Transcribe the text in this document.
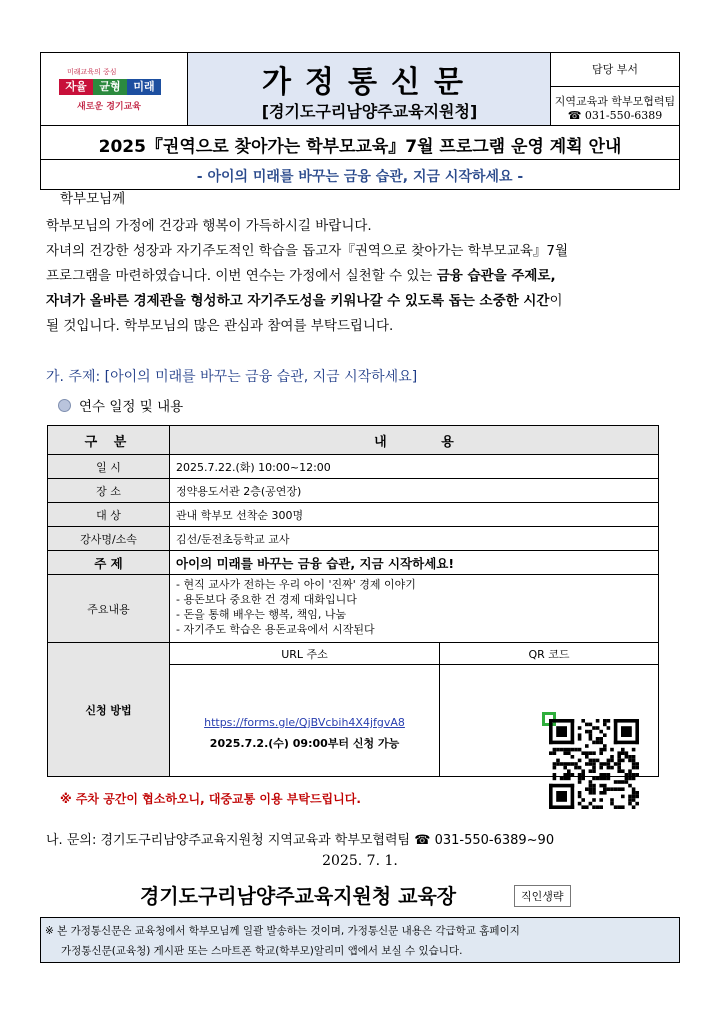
미래교육의 중심
자율	균형	미래
새로운 경기교육
가정통신문
[경기도구리남양주교육지원청]
담당 부서
지역교육과 학부모협력팀
☎ 031-550-6389
2025『권역으로 찾아가는 학부모교육』7월 프로그램 운영 계획 안내
- 아이의 미래를 바꾸는 금융 습관, 지금 시작하세요 -
학부모님께
학부모님의 가정에 건강과 행복이 가득하시길 바랍니다.
자녀의 건강한 성장과 자기주도적인 학습을 돕고자『권역으로 찾아가는 학부모교육』7월
프로그램을 마련하였습니다. 이번 연수는 가정에서 실천할 수 있는 금융 습관을 주제로,
자녀가 올바른 경제관을 형성하고 자기주도성을 키워나갈 수 있도록 돕는 소중한 시간이
될 것입니다. 학부모님의 많은 관심과 참여를 부탁드립니다.
가. 주제: [아이의 미래를 바꾸는 금융 습관, 지금 시작하세요]
연수 일정 및 내용
구 분	내 용	
일 시	2025.7.22.(화) 10:00~12:00	
장 소	정약용도서관 2층(공연장)	
대 상	관내 학부모 선착순 300명	
강사명/소속	김선/둔전초등학교 교사	
주 제	아이의 미래를 바꾸는 금융 습관, 지금 시작하세요!	
주요내용	- 현직 교사가 전하는 우리 아이 '진짜' 경제 이야기
- 용돈보다 중요한 건 경제 대화입니다
- 돈을 통해 배우는 행복, 책임, 나눔
- 자기주도 학습은 용돈교육에서 시작된다	

신청 방법	URL 주소	QR 코드

	https://forms.gle/QjBVcbih4X4jfgvA8
2025.7.2.(수) 09:00부터 신청 가능

※ 주차 공간이 협소하오니, 대중교통 이용 부탁드립니다.
나. 문의: 경기도구리남양주교육지원청 지역교육과 학부모협력팀 ☎ 031-550-6389~90
2025. 7. 1.
경기도구리남양주교육지원청 교육장	직인생략
※ 본 가정통신문은 교육청에서 학부모님께 일괄 발송하는 것이며, 가정통신문 내용은 각급학교 홈페이지
가정통신문(교육청) 게시판 또는 스마트폰 학교(학부모)알리미 앱에서 보실 수 있습니다.
